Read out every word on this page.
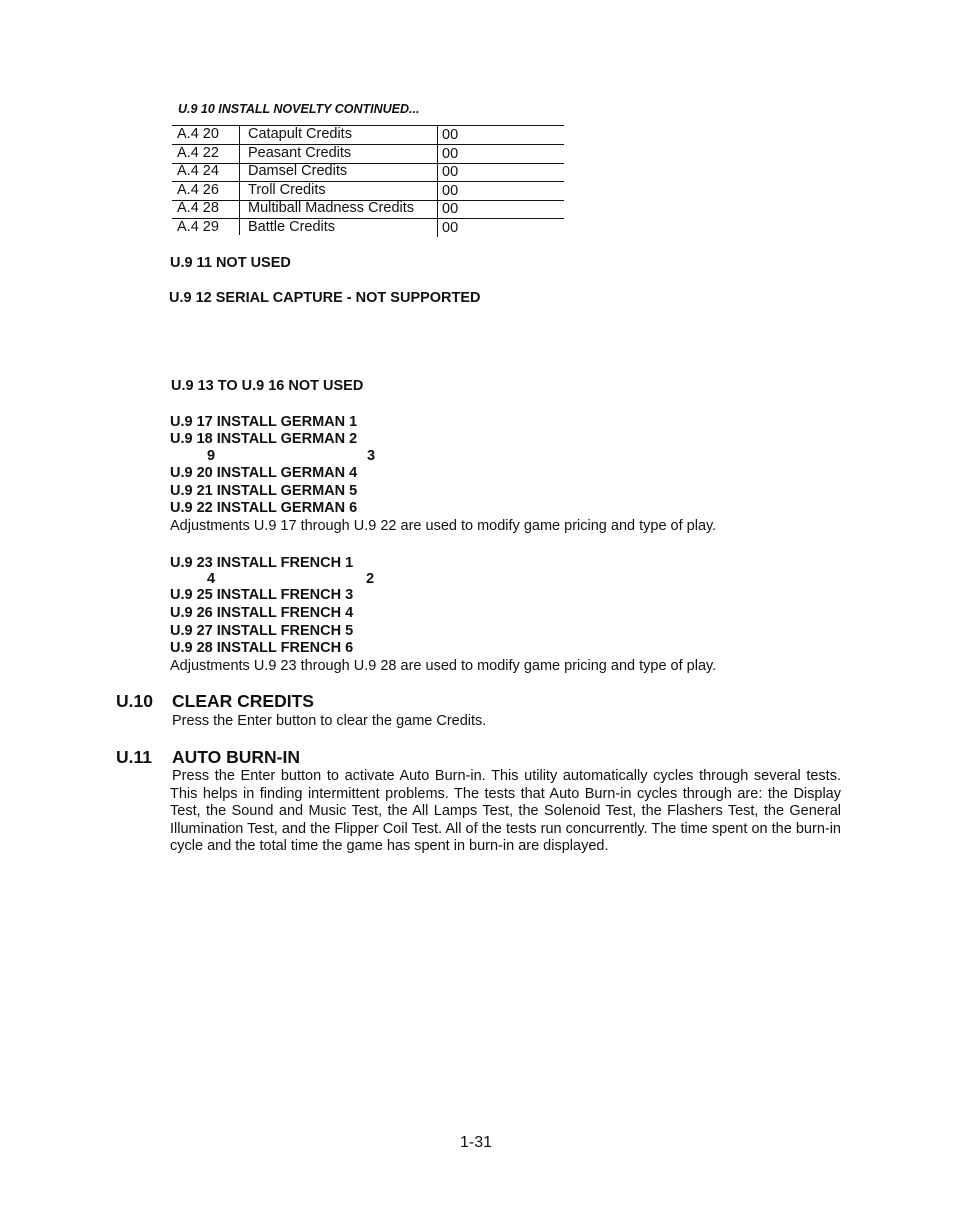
U.9 10 INSTALL NOVELTY CONTINUED...
A.4 20 Catapult Credits	00
A.4 22 Peasant Credits	00
A.4 24 Damsel Credits	00
A.4 26 Troll Credits	00
A.4 28 Multiball Madness Credits 00
A.4 29 Battle Credits	00
U.9 11 NOT USED
U.9 12 SERIAL CAPTURE - NOT SUPPORTED
U.9 13 TO U.9 16 NOT USED
U.9 17 INSTALL GERMAN 1
U.9 18 INSTALL GERMAN 2
9	3
U.9 20 INSTALL GERMAN 4
U.9 21 INSTALL GERMAN 5
U.9 22 INSTALL GERMAN 6
Adjustments U.9 17 through U.9 22 are used to modify game pricing and type of play.
U.9 23 INSTALL FRENCH 1
4	2
U.9 25 INSTALL FRENCH 3
U.9 26 INSTALL FRENCH 4
U.9 27 INSTALL FRENCH 5
U.9 28 INSTALL FRENCH 6
Adjustments U.9 23 through U.9 28 are used to modify game pricing and type of play.
U.10 CLEAR CREDITS
Press the Enter button to clear the game Credits.
U.11 AUTO BURN-IN
Press the Enter button to activate Auto Burn-in. This utility automatically cycles through several tests. This helps in finding intermittent problems. The tests that Auto Burn-in cycles through are: the Display Test, the Sound and Music Test, the All Lamps Test, the Solenoid Test, the Flashers Test, the General Illumination Test, and the Flipper Coil Test. All of the tests run concurrently. The time spent on the burn-in cycle and the total time the game has spent in burn-in are displayed.
1-31
